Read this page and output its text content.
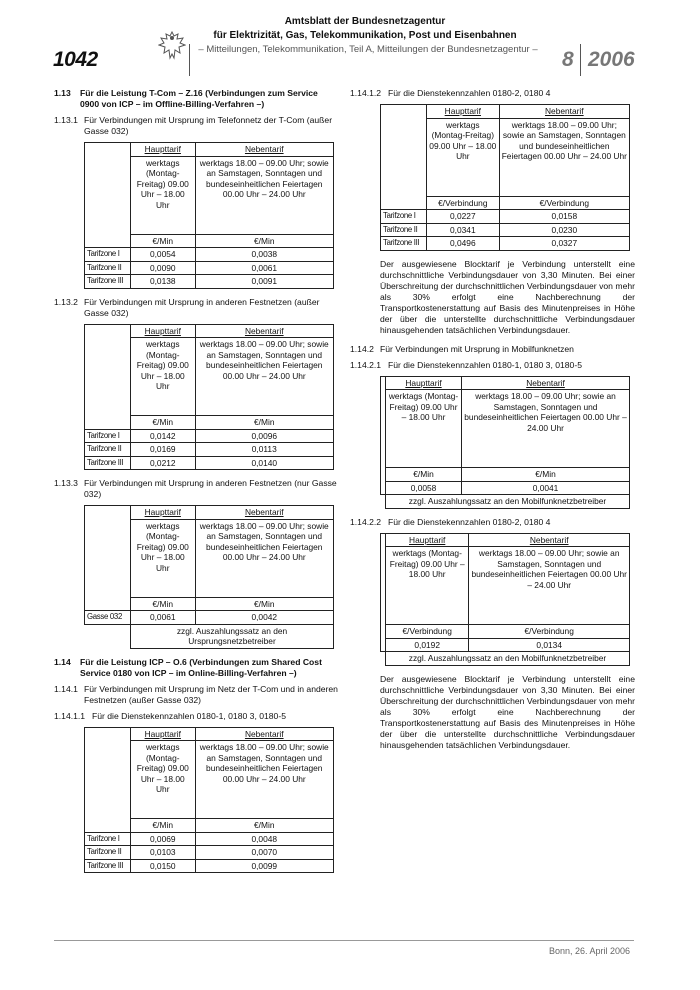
1042
Amtsblatt der Bundesnetzagentur
für Elektrizität, Gas, Telekommunikation, Post und Eisenbahnen
– Mitteilungen, Telekommunikation, Teil A, Mitteilungen der Bundesnetzagentur – 8 2006
1.13	Für die Leistung T-Com – Z.16 (Verbindungen zum Service 0900 von ICP – im Offline-Billing-Verfahren –)
1.13.1 Für Verbindungen mit Ursprung im Telefonnetz der T-Com (außer Gasse 032)
	Haupttarif	Nebentarif
	werktags (Montag-Freitag) 09.00 Uhr – 18.00 Uhr	werktags 18.00 – 09.00 Uhr; sowie an Samstagen, Sonntagen und bundeseinheitlichen Feiertagen 00.00 Uhr – 24.00 Uhr
	€/Min	€/Min
Tarifzone I	0,0054	0,0038
Tarifzone II	0,0090	0,0061
Tarifzone III	0,0138	0,0091
1.13.2 Für Verbindungen mit Ursprung in anderen Festnetzen (außer Gasse 032)
	Haupttarif	Nebentarif
	werktags (Montag-Freitag) 09.00 Uhr – 18.00 Uhr	werktags 18.00 – 09.00 Uhr; sowie an Samstagen, Sonntagen und bundeseinheitlichen Feiertagen 00.00 Uhr – 24.00 Uhr
	€/Min	€/Min
Tarifzone I	0,0142	0,0096
Tarifzone II	0,0169	0,0113
Tarifzone III	0,0212	0,0140
1.13.3 Für Verbindungen mit Ursprung in anderen Festnetzen (nur Gasse 032)
	Haupttarif	Nebentarif
	werktags (Montag-Freitag) 09.00 Uhr – 18.00 Uhr	werktags 18.00 – 09.00 Uhr; sowie an Samstagen, Sonntagen und bundeseinheitlichen Feiertagen 00.00 Uhr – 24.00 Uhr
	€/Min	€/Min
Gasse 032	0,0061	0,0042
	zzgl. Auszahlungssatz an den Ursprungsnetzbetreiber	
1.14	Für die Leistung ICP – O.6 (Verbindungen zum Shared Cost Service 0180 von ICP – im Online-Billing-Verfahren –)
1.14.1 Für Verbindungen mit Ursprung im Netz der T-Com und in anderen Festnetzen (außer Gasse 032)
1.14.1.1 Für die Dienstekennzahlen 0180-1, 0180 3, 0180-5
	Haupttarif	Nebentarif
	werktags (Montag-Freitag) 09.00 Uhr – 18.00 Uhr	werktags 18.00 – 09.00 Uhr; sowie an Samstagen, Sonntagen und bundeseinheitlichen Feiertagen 00.00 Uhr – 24.00 Uhr
	€/Min	€/Min
Tarifzone I	0,0069	0,0048
Tarifzone II	0,0103	0,0070
Tarifzone III	0,0150	0,0099
1.14.1.2 Für die Dienstekennzahlen 0180-2, 0180 4
	Haupttarif	Nebentarif
	werktags (Montag-Freitag) 09.00 Uhr – 18.00 Uhr	werktags 18.00 – 09.00 Uhr; sowie an Samstagen, Sonntagen und bundeseinheitlichen Feiertagen 00.00 Uhr – 24.00 Uhr
	€/Verbindung	€/Verbindung
Tarifzone I	0,0227	0,0158
Tarifzone II	0,0341	0,0230
Tarifzone III	0,0496	0,0327

Der ausgewiesene Blocktarif je Verbindung unterstellt eine durchschnittliche Verbindungsdauer von 3,30 Minuten. Bei einer Überschreitung der durchschnittlichen Verbindungsdauer von mehr als 30% erfolgt eine Nachberechnung der Transportkostenerstattung auf Basis des Minutenpreises in Höhe der über die unterstellte durchschnittliche Verbindungsdauer hinausgehenden tatsächlichen Verbindungsdauer.

1.14.2 Für Verbindungen mit Ursprung in Mobilfunknetzen
1.14.2.1 Für die Dienstekennzahlen 0180-1, 0180 3, 0180-5
	Haupttarif	Nebentarif
	werktags (Montag-Freitag) 09.00 Uhr – 18.00 Uhr	werktags 18.00 – 09.00 Uhr; sowie an Samstagen, Sonntagen und bundeseinheitlichen Feiertagen 00.00 Uhr – 24.00 Uhr
	€/Min	€/Min
	0,0058	0,0041
	zzgl. Auszahlungssatz an den Mobilfunknetzbetreiber	
1.14.2.2 Für die Dienstekennzahlen 0180-2, 0180 4
	Haupttarif	Nebentarif
	werktags (Montag-Freitag) 09.00 Uhr – 18.00 Uhr	werktags 18.00 – 09.00 Uhr; sowie an Samstagen, Sonntagen und bundeseinheitlichen Feiertagen 00.00 Uhr – 24.00 Uhr
	€/Verbindung	€/Verbindung
	0,0192	0,0134
	zzgl. Auszahlungssatz an den Mobilfunknetzbetreiber	

Der ausgewiesene Blocktarif je Verbindung unterstellt eine durchschnittliche Verbindungsdauer von 3,30 Minuten. Bei einer Überschreitung der durchschnittlichen Verbindungsdauer von mehr als 30% erfolgt eine Nachberechnung der Transportkostenerstattung auf Basis des Minutenpreises in Höhe der über die unterstellte durchschnittliche Verbindungsdauer hinausgehenden tatsächlichen Verbindungsdauer.

Bonn, 26. April 2006
